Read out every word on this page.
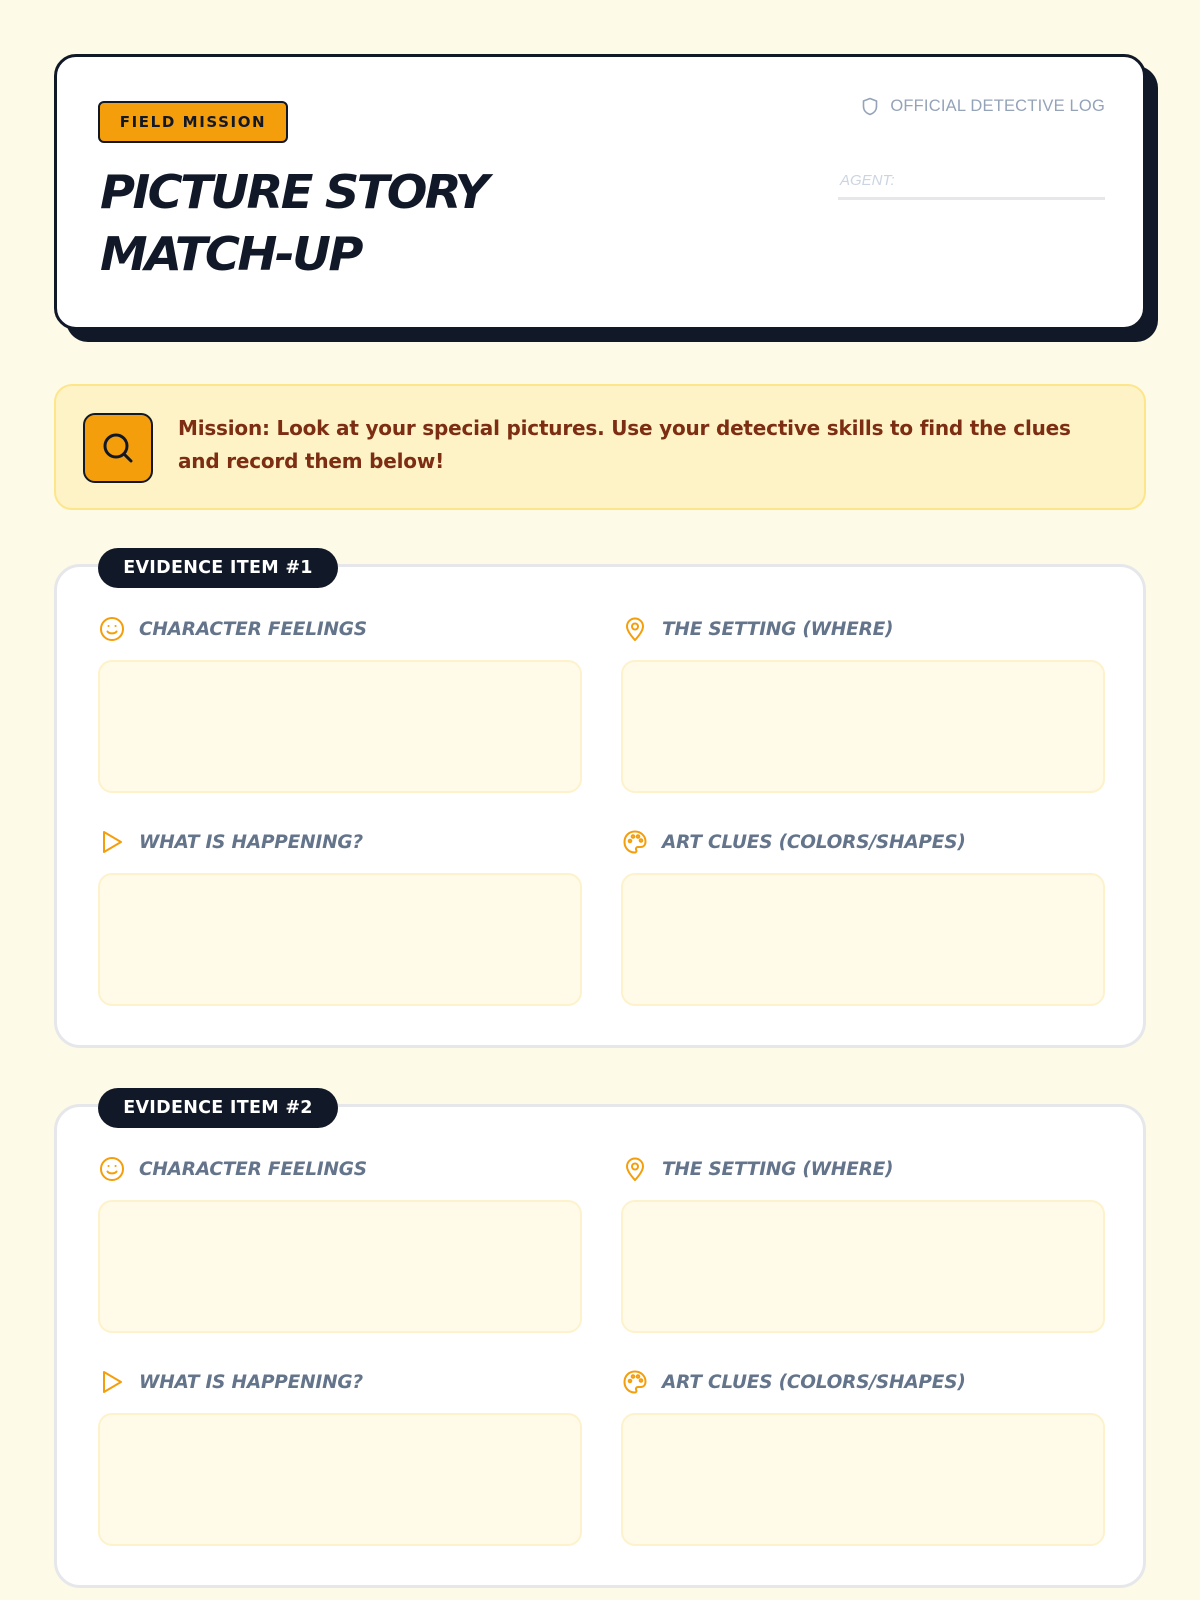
FIELD MISSION
PICTURE STORY
MATCH-UP
OFFICIAL DETECTIVE LOG
AGENT:
Mission: Look at your special pictures. Use your detective skills to find the clues and record them below!
EVIDENCE ITEM #1
CHARACTER FEELINGS	THE SETTING (WHERE)
WHAT IS HAPPENING?	ART CLUES (COLORS/SHAPES)
EVIDENCE ITEM #2
CHARACTER FEELINGS	THE SETTING (WHERE)
WHAT IS HAPPENING?	ART CLUES (COLORS/SHAPES)
